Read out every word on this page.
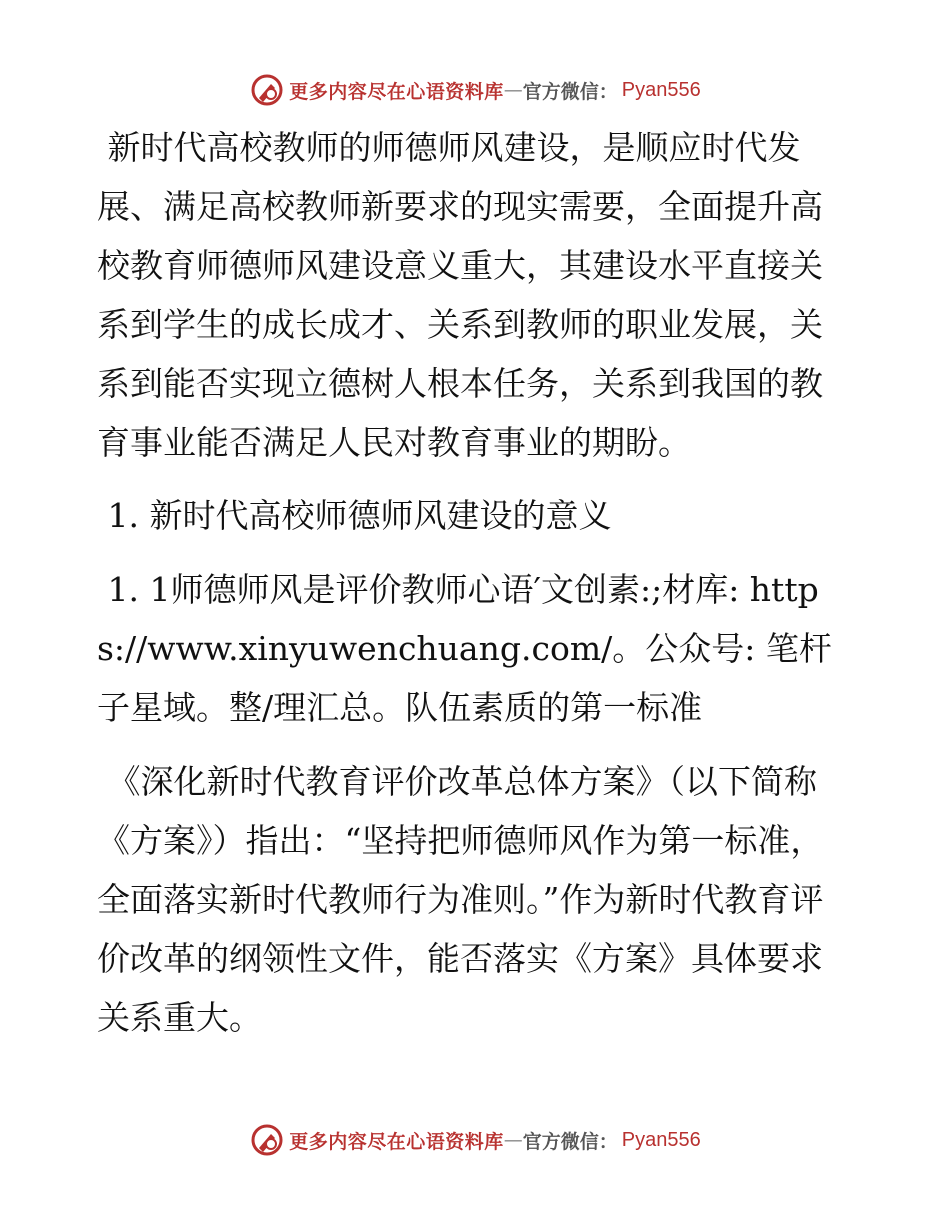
更多内容尽在心语资料库 — 官方微信： Pyan556

新时代高校教师的师德师风建设，是顺应时代发展、满足高校教师新要求的现实需要，全面提升高校教育师德师风建设意义重大，其建设水平直接关系到学生的成长成才、关系到教师的职业发展，关系到能否实现立德树人根本任务，关系到我国的教育事业能否满足人民对教育事业的期盼。

1. 新时代高校师德师风建设的意义

1. 1师德师风是评价教师心语′文创素:;材库: https://www.xinyuwenchuang.com/。公众号: 笔杆子星域。整/理汇总。队伍素质的第一标准

《深化新时代教育评价改革总体方案》（以下简称《方案》）指出：“坚持把师德师风作为第一标准，全面落实新时代教师行为准则。”作为新时代教育评价改革的纲领性文件，能否落实《方案》具体要求关系重大。

更多内容尽在心语资料库 — 官方微信： Pyan556
